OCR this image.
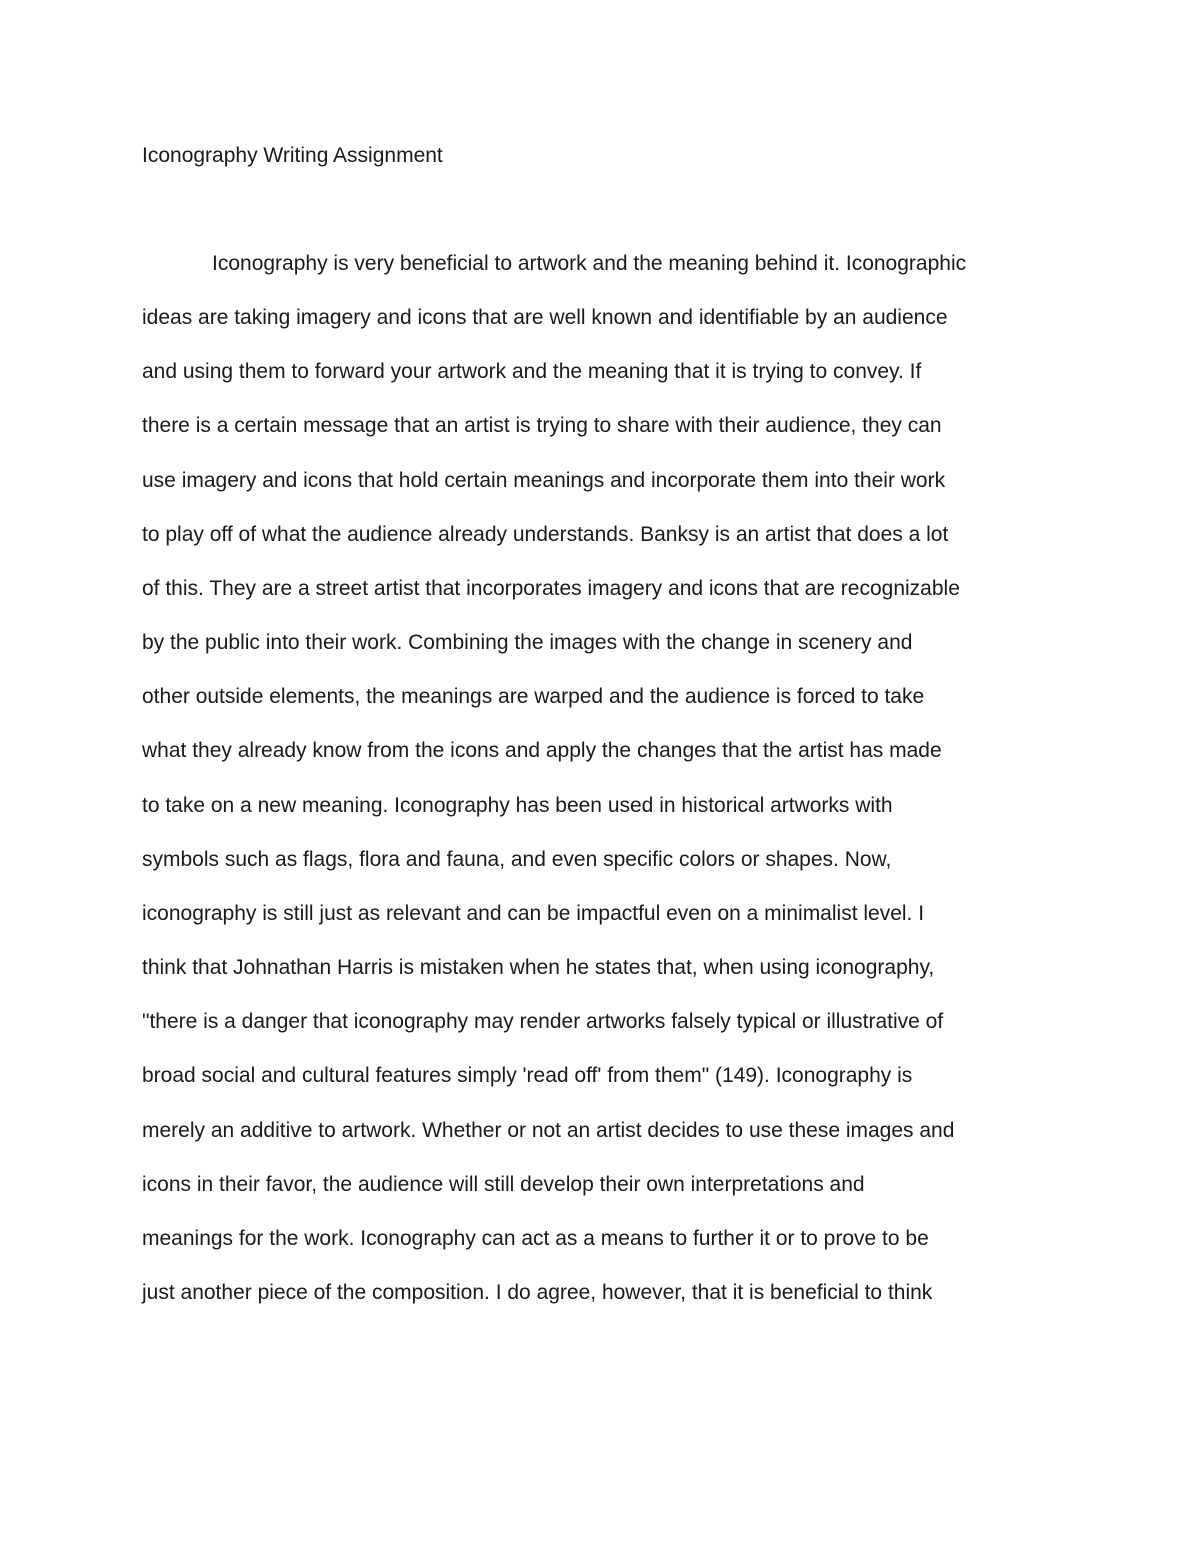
Iconography Writing Assignment
Iconography is very beneficial to artwork and the meaning behind it. Iconographic
ideas are taking imagery and icons that are well known and identifiable by an audience
and using them to forward your artwork and the meaning that it is trying to convey. If
there is a certain message that an artist is trying to share with their audience, they can
use imagery and icons that hold certain meanings and incorporate them into their work
to play off of what the audience already understands. Banksy is an artist that does a lot
of this. They are a street artist that incorporates imagery and icons that are recognizable
by the public into their work. Combining the images with the change in scenery and
other outside elements, the meanings are warped and the audience is forced to take
what they already know from the icons and apply the changes that the artist has made
to take on a new meaning. Iconography has been used in historical artworks with
symbols such as flags, flora and fauna, and even specific colors or shapes. Now,
iconography is still just as relevant and can be impactful even on a minimalist level. I
think that Johnathan Harris is mistaken when he states that, when using iconography,
"there is a danger that iconography may render artworks falsely typical or illustrative of
broad social and cultural features simply 'read off' from them" (149). Iconography is
merely an additive to artwork. Whether or not an artist decides to use these images and
icons in their favor, the audience will still develop their own interpretations and
meanings for the work. Iconography can act as a means to further it or to prove to be
just another piece of the composition. I do agree, however, that it is beneficial to think
